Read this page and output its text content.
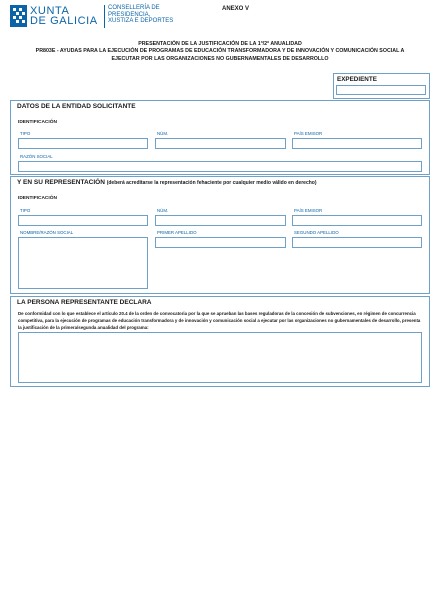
XUNTA
DE GALICIA
CONSELLERÍA DE
PRESIDENCIA,
XUSTIZA E DEPORTES
ANEXO V
PRESENTACIÓN DE LA JUSTIFICACIÓN DE LA 1ª/2ª ANUALIDAD
PR803E - AYUDAS PARA LA EJECUCIÓN DE PROGRAMAS DE EDUCACIÓN TRANSFORMADORA Y DE INNOVACIÓN Y COMUNICACIÓN SOCIAL A
EJECUTAR POR LAS ORGANIZACIONES NO GUBERNAMENTALES DE DESARROLLO
EXPEDIENTE
DATOS DE LA ENTIDAD SOLICITANTE
IDENTIFICACIÓN
TIPO	NÚM.	PAÍS EMISOR
RAZÓN SOCIAL
Y EN SU REPRESENTACIÓN (deberá acreditarse la representación fehaciente por cualquier medio válido en derecho)
IDENTIFICACIÓN
TIPO	NÚM.	PAÍS EMISOR
NOMBRE/RAZÓN SOCIAL	PRIMER APELLIDO	SEGUNDO APELLIDO
LA PERSONA REPRESENTANTE DECLARA
De conformidad con lo que establece el artículo 20.4 de la orden de convocatoria por la que se aprueban las bases reguladoras de la concesión de subvenciones, en régimen de concurrencia competitiva, para la ejecución de programas de educación transformadora y de innovación y comunicación social a ejecutar por las organizaciones no gubernamentales de desarrollo, presenta la justificación de la primera/segunda anualidad del programa:
